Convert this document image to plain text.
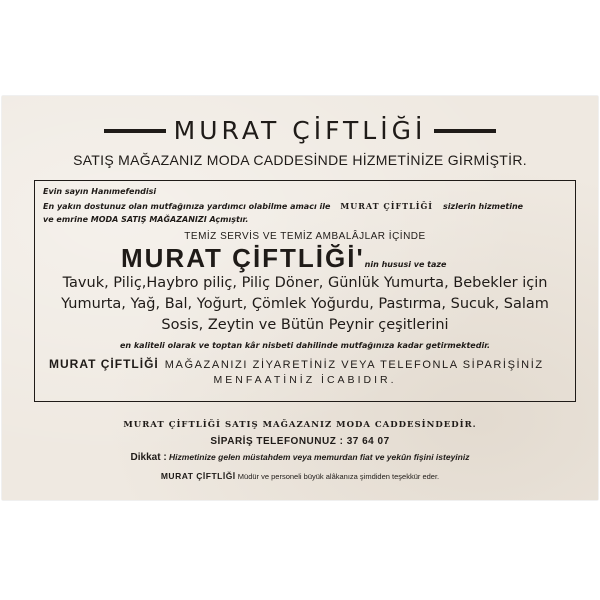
MURAT ÇİFTLİĞİ
SATIŞ MAĞAZANIZ MODA CADDESİNDE HİZMETİNİZE GİRMİŞTİR.
Evin sayın Hanımefendisi
En yakın dostunuz olan mutfağınıza yardımcı olabilme amacı ile MURAT ÇİFTLİĞİ sizlerin hizmetine
ve emrine MODA SATIŞ MAĞAZANIZI Açmıştır.
TEMİZ SERVİS VE TEMİZ AMBALÂJLAR İÇİNDE
MURAT ÇİFTLİĞİ'nin hususi ve taze
Tavuk, Piliç,Haybro piliç, Piliç Döner, Günlük Yumurta, Bebekler için
Yumurta, Yağ, Bal, Yoğurt, Çömlek Yoğurdu, Pastırma, Sucuk, Salam
Sosis, Zeytin ve Bütün Peynir çeşitlerini
en kaliteli olarak ve toptan kâr nisbeti dahilinde mutfağınıza kadar getirmektedir.
MURAT ÇİFTLİĞİ MAĞAZANIZI ZİYARETİNİZ VEYA TELEFONLA SİPARİŞİNİZ
MENFAATİNİZ İCABIDIR.
MURAT ÇİFTLİĞİ SATIŞ MAĞAZANIZ MODA CADDESİNDEDİR.
SİPARİŞ TELEFONUNUZ : 37 64 07
Dikkat : Hizmetinize gelen müstahdem veya memurdan fiat ve yekûn fişini isteyiniz
MURAT ÇİFTLİĞİ Müdür ve personeli büyük alâkanıza şimdiden teşekkür eder.
